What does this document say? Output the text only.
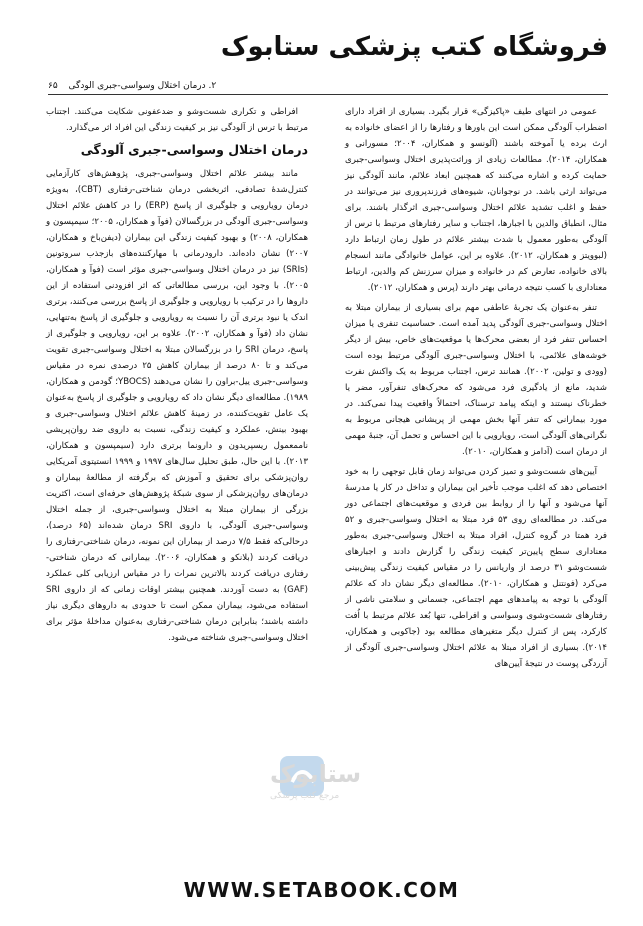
فروشگاه کتب پزشکی ستابوک
۲. درمان اختلال وسواسی-جبری الودگی ۶۵

عمومی در انتهای طیف «پاکیزگی» قرار بگیرد. بسیاری از افراد دارای اضطراب آلودگی ممکن است این باورها و رفتارها را از اعضای خانواده به ارث برده یا آموخته باشند (آلونسو و همکاران، ۲۰۰۴؛ مسورانی و همکاران، ۲۰۱۴). مطالعات زیادی از وراثت‌پذیری اختلال وسواسی-جبری حمایت کرده و اشاره می‌کنند که همچنین ابعاد علائم، مانند آلودگی نیز می‌تواند ارثی باشد. در نوجوانان، شیوه‌های فرزندپروری نیز می‌توانند در حفظ و اغلب تشدید علائم اختلال وسواسی-جبری اثرگذار باشند. برای مثال، انطباق والدین با اجبارها، اجتناب و سایر رفتارهای مرتبط با ترس از آلودگی به‌طور معمول با شدت بیشتر علائم در طول زمان ارتباط دارد (لبوویتز و همکاران، ۲۰۱۲). علاوه بر این، عوامل خانوادگی مانند انسجام بالای خانواده، تعارض کم در خانواده و میزان سرزنش کم والدین، ارتباط معناداری با کسب نتیجه درمانی بهتر دارند (پرس و همکاران، ۲۰۱۲).

تنفر به‌عنوان یک تجربهٔ عاطفی مهم برای بسیاری از بیماران مبتلا به اختلال وسواسی-جبری آلودگی پدید آمده است. حساسیت تنفری یا میزان احساس تنفر فرد از بعضی محرک‌ها یا موقعیت‌های خاص، بیش از دیگر خوشه‌های علائمی، با اختلال وسواسی-جبری آلودگی مرتبط بوده است (وودی و تولین، ۲۰۰۲). همانند ترس، اجتناب مربوط به یک واکنش نفرت شدید، مانع از یادگیری فرد می‌شود که محرک‌های تنفرآور، مضر یا خطرناک نیستند و اینکه پیامد ترسناک، احتمالاً واقعیت پیدا نمی‌کند. در مورد بیمارانی که تنفر آنها بخش مهمی از پریشانی هیجانی مربوط به نگرانی‌های آلودگی است، رویارویی با این احساس و تحمل آن، جنبهٔ مهمی از درمان است (آدامز و همکاران، ۲۰۱۰).

آیین‌های شست‌وشو و تمیز کردن می‌تواند زمان قابل توجهی را به خود اختصاص دهد که اغلب موجب تأخیر این بیماران و تداخل در کار یا مدرسهٔ آنها می‌شود و آنها را از روابط بین فردی و موقعیت‌های اجتماعی دور می‌کند. در مطالعه‌ای روی ۵۳ فرد مبتلا به اختلال وسواسی-جبری و ۵۲ فرد همتا در گروه کنترل، افراد مبتلا به اختلال وسواسی-جبری به‌طور معناداری سطح پایین‌تر کیفیت زندگی را گزارش دادند و اجبارهای شست‌وشو ۳۱ درصد از واریانس را در مقیاس کیفیت زندگی پیش‌بینی می‌کرد (فونتنل و همکاران، ۲۰۱۰). مطالعه‌ای دیگر نشان داد که علائم آلودگی با توجه به پیامدهای مهم اجتماعی، جسمانی و سلامتی ناشی از رفتارهای شست‌وشوی وسواسی و افراطی، تنها بُعد علائم مرتبط با اُفت کارکرد، پس از کنترل دیگر متغیرهای مطالعه بود (جاکوبی و همکاران، ۲۰۱۴). بسیاری از افراد مبتلا به علائم اختلال وسواسی-جبری آلودگی از آزردگی پوست در نتیجهٔ آیین‌های

افراطی و تکراری شست‌وشو و ضدعفونی شکایت می‌کنند. اجتناب مرتبط با ترس از آلودگی نیز بر کیفیت زندگی این افراد اثر می‌گذارد.

درمان اختلال وسواسی-جبری آلودگی

مانند بیشتر علائم اختلال وسواسی-جبری، پژوهش‌های کارآزمایی کنترل‌شدهٔ تصادفی، اثربخشی درمان شناختی-رفتاری (CBT)، به‌ویژه درمان رویارویی و جلوگیری از پاسخ (ERP) را در کاهش علائم اختلال وسواسی-جبری آلودگی در بزرگسالان (فوآ و همکاران، ۲۰۰۵؛ سیمپسون و همکاران، ۲۰۰۸) و بهبود کیفیت زندگی این بیماران (دیفن‌باخ و همکاران، ۲۰۰۷) نشان داده‌اند. دارودرمانی با مهارکننده‌های بازجذب سروتونین (SRIs) نیز در درمان اختلال وسواسی-جبری مؤثر است (فوآ و همکاران، ۲۰۰۵). با وجود این، بررسی مطالعاتی که اثر افزودنی استفاده از این داروها را در ترکیب با رویارویی و جلوگیری از پاسخ بررسی می‌کنند، برتری اندک یا نبود برتری آن را نسبت به رویارویی و جلوگیری از پاسخ به‌تنهایی، نشان داد (فوآ و همکاران، ۲۰۰۲). علاوه بر این، رویارویی و جلوگیری از پاسخ، درمان SRI را در بزرگسالان مبتلا به اختلال وسواسی-جبری تقویت می‌کند و تا ۸۰ درصد از بیماران کاهش ۲۵ درصدی نمره در مقیاس وسواسی-جبری ییل-براون را نشان می‌دهند (YBOCS؛ گودمن و همکاران، ۱۹۸۹). مطالعه‌ای دیگر نشان داد که رویارویی و جلوگیری از پاسخ به‌عنوان یک عامل تقویت‌کننده، در زمینهٔ کاهش علائم اختلال وسواسی-جبری و بهبود بینش، عملکرد و کیفیت زندگی، نسبت به داروی ضد روان‌پریشی ناممعمول ریسپریدون و دارونما برتری دارد (سیمپسون و همکاران، ۲۰۱۳). با این حال، طبق تحلیل سال‌های ۱۹۹۷ و ۱۹۹۹ انستیتوی آمریکایی روان‌پزشکی برای تحقیق و آموزش که برگرفته از مطالعهٔ بیماران و درمان‌های روان‌پزشکی از سوی شبکهٔ پژوهش‌های حرفه‌ای است، اکثریت بزرگی از بیماران مبتلا به اختلال وسواسی-جبری، از جمله اختلال وسواسی-جبری آلودگی، با داروی SRI درمان شده‌اند (۶۵ درصد)، درحالی‌که فقط ۷/۵ درصد از بیماران این نمونه، درمان شناختی-رفتاری را دریافت کردند (بلانکو و همکاران، ۲۰۰۶). بیمارانی که درمان شناختی-رفتاری دریافت کردند بالاترین نمرات را در مقیاس ارزیابی کلی عملکرد (GAF) به دست آوردند. همچنین بیشتر اوقات زمانی که از داروی SRI استفاده می‌شود، بیماران ممکن است تا حدودی به داروهای دیگری نیاز داشته باشند؛ بنابراین درمان شناختی-رفتاری به‌عنوان مداخلهٔ مؤثر برای اختلال وسواسی-جبری شناخته می‌شود.

ستابوک
مرجع کتب پزشکی
WWW.SETABOOK.COM
